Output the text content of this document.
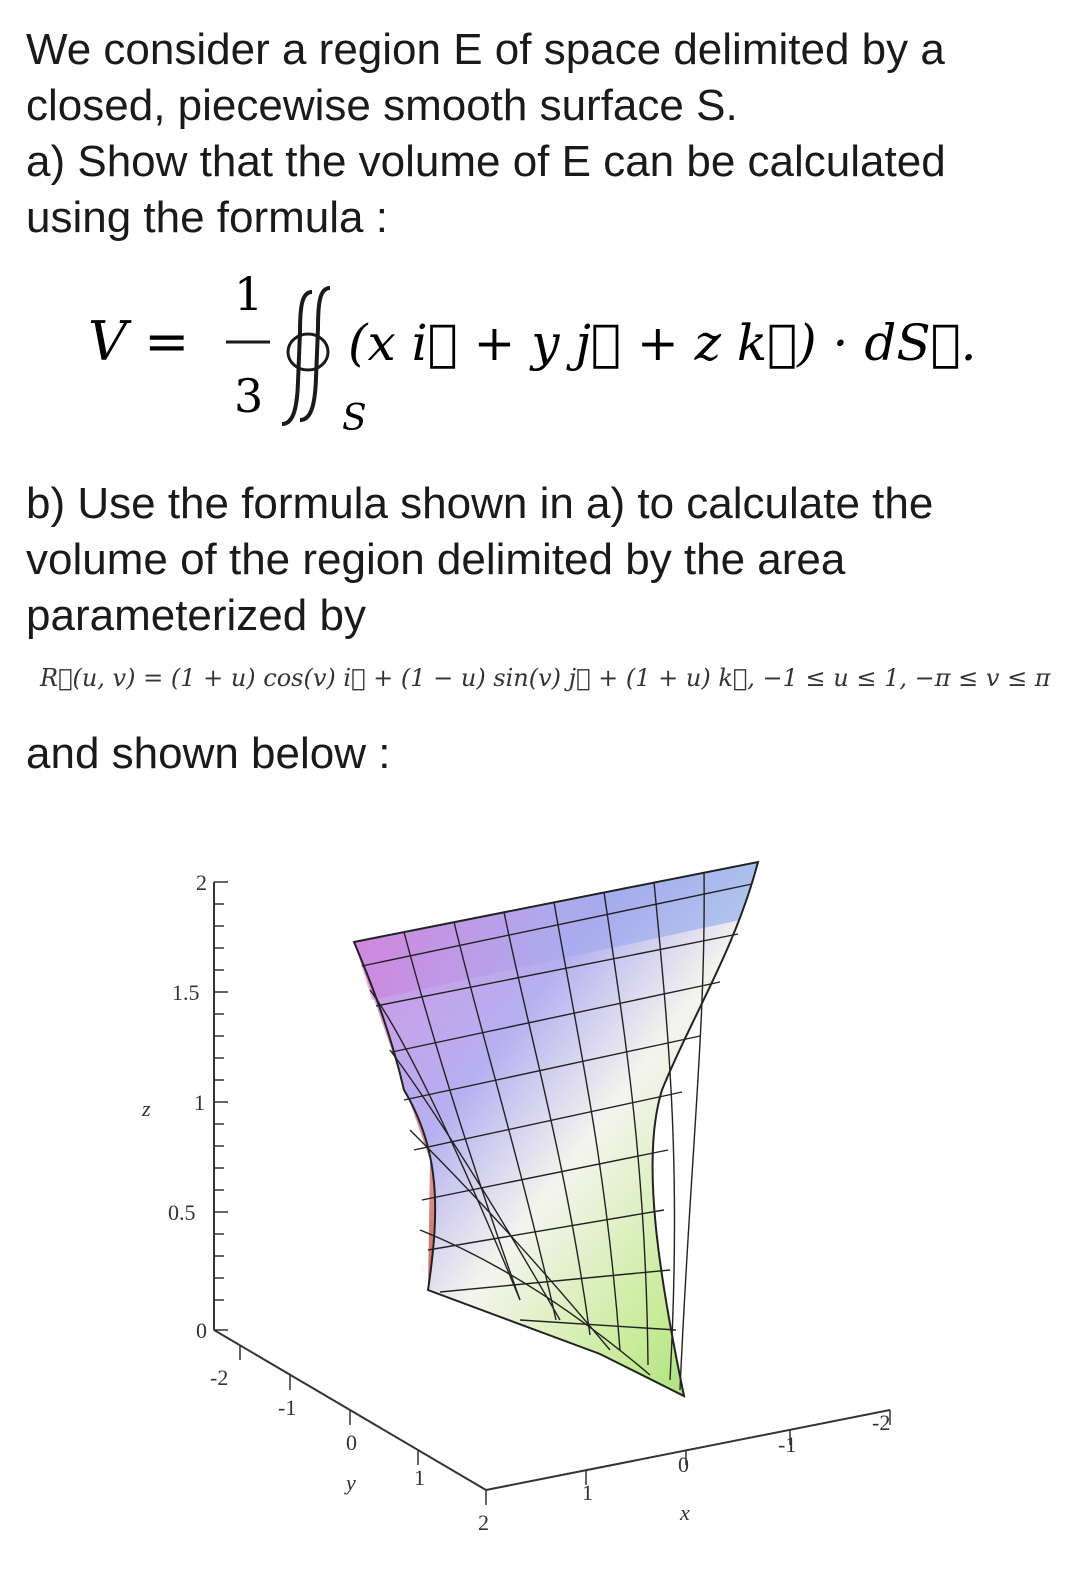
We consider a region E of space delimited by a closed, piecewise smooth surface S.

a) Show that the volume of E can be calculated using the formula :

V =
1
3 S
(x i⃗ + y j⃗ + z k⃗) · dS⃗.

b) Use the formula shown in a) to calculate the volume of the region delimited by the area parameterized by

R⃗(u, v) = (1 + u) cos(v) i⃗ + (1 − u) sin(v) j⃗ + (1 + u) k⃗, −1 ≤ u ≤ 1, −π ≤ v ≤ π

and shown below :

2
1.5
1
0.5
0
z
-2
-1
0
1
2
y	1
0
-1
-2
x
